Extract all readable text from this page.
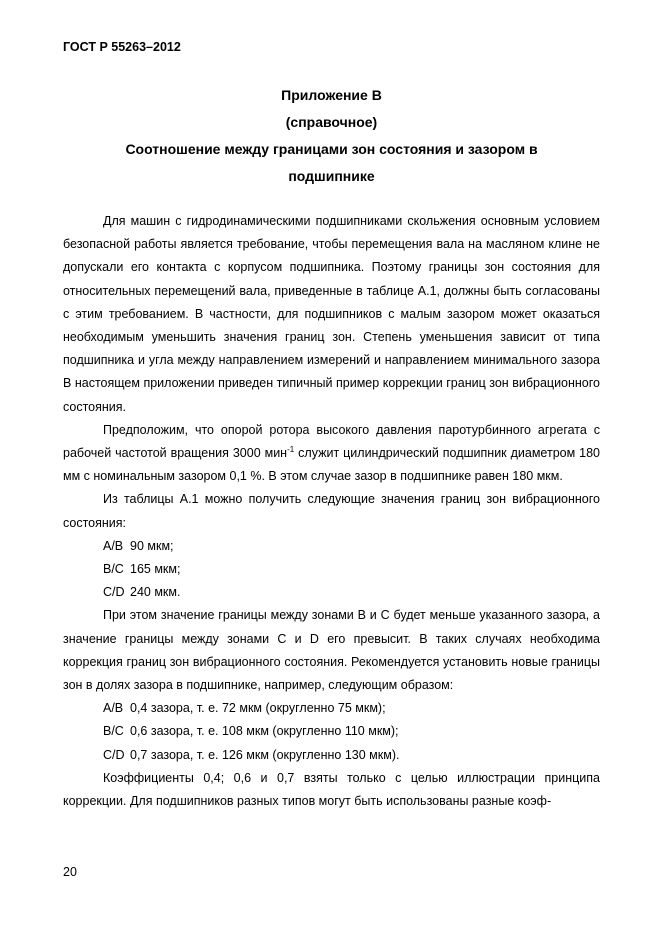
ГОСТ Р 55263–2012
Приложение В
(справочное)
Соотношение между границами зон состояния и зазором в
подшипнике

Для машин с гидродинамическими подшипниками скольжения основным условием безопасной работы является требование, чтобы перемещения вала на масляном клине не допускали его контакта с корпусом подшипника. Поэтому границы зон состояния для относительных перемещений вала, приведенные в таблице А.1, должны быть согласованы с этим требованием. В частности, для подшипников с малым зазором может оказаться необходимым уменьшить значения границ зон. Степень уменьшения зависит от типа подшипника и угла между направлением измерений и направлением минимального зазора В настоящем приложении приведен типичный пример коррекции границ зон вибрационного состояния.

Предположим, что опорой ротора высокого давления паротурбинного агрегата с рабочей частотой вращения 3000 мин$^{-1}$ служит цилиндрический подшипник диаметром 180 мм с номинальным зазором 0,1 %. В этом случае зазор в подшипнике равен 180 мкм.

Из таблицы А.1 можно получить следующие значения границ зон вибрационного состояния:

A/B 90 мкм;
B/C 165 мкм;
C/D 240 мкм.

При этом значение границы между зонами B и C будет меньше указанного зазора, а значение границы между зонами C и D его превысит. В таких случаях необходима коррекция границ зон вибрационного состояния. Рекомендуется установить новые границы зон в долях зазора в подшипнике, например, следующим образом:

A/B 0,4 зазора, т. е. 72 мкм (округленно 75 мкм);
B/C 0,6 зазора, т. е. 108 мкм (округленно 110 мкм);
C/D 0,7 зазора, т. е. 126 мкм (округленно 130 мкм).

Коэффициенты 0,4; 0,6 и 0,7 взяты только с целью иллюстрации принципа коррекции. Для подшипников разных типов могут быть использованы разные коэф-

20
